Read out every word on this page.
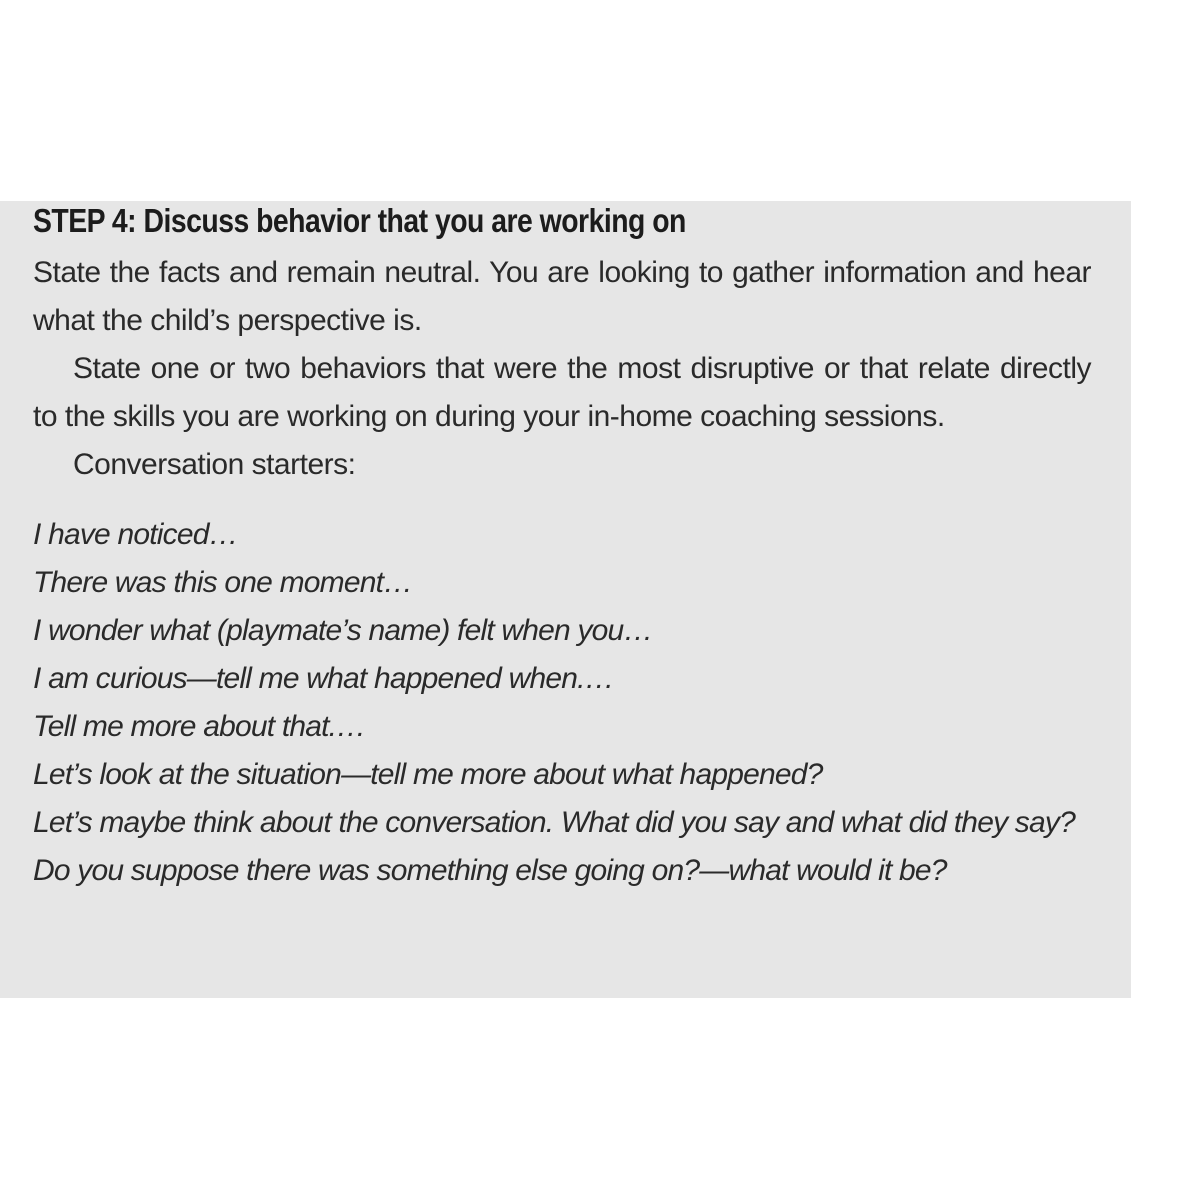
STEP 4: Discuss behavior that you are working on

State the facts and remain neutral. You are looking to gather information and hear what the child’s perspective is.

State one or two behaviors that were the most disruptive or that relate directly to the skills you are working on during your in-home coaching sessions.

Conversation starters:

I have noticed…
There was this one moment…
I wonder what (playmate’s name) felt when you…
I am curious—tell me what happened when.…
Tell me more about that.…
Let’s look at the situation—tell me more about what happened?
Let’s maybe think about the conversation. What did you say and what did they say?
Do you suppose there was something else going on?—what would it be?
